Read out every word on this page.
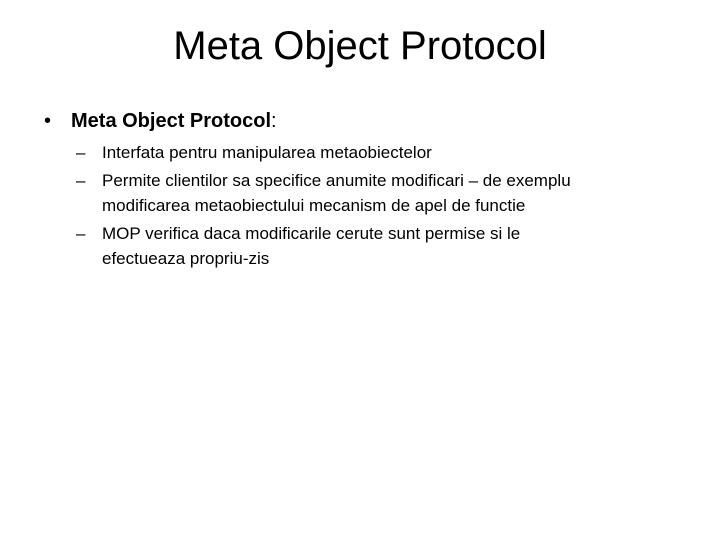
Meta Object Protocol
• Meta Object Protocol:
– Interfata pentru manipularea metaobiectelor
– Permite clientilor sa specifice anumite modificari – de exemplu
modificarea metaobiectului mecanism de apel de functie
– MOP verifica daca modificarile cerute sunt permise si le
efectueaza propriu-zis
